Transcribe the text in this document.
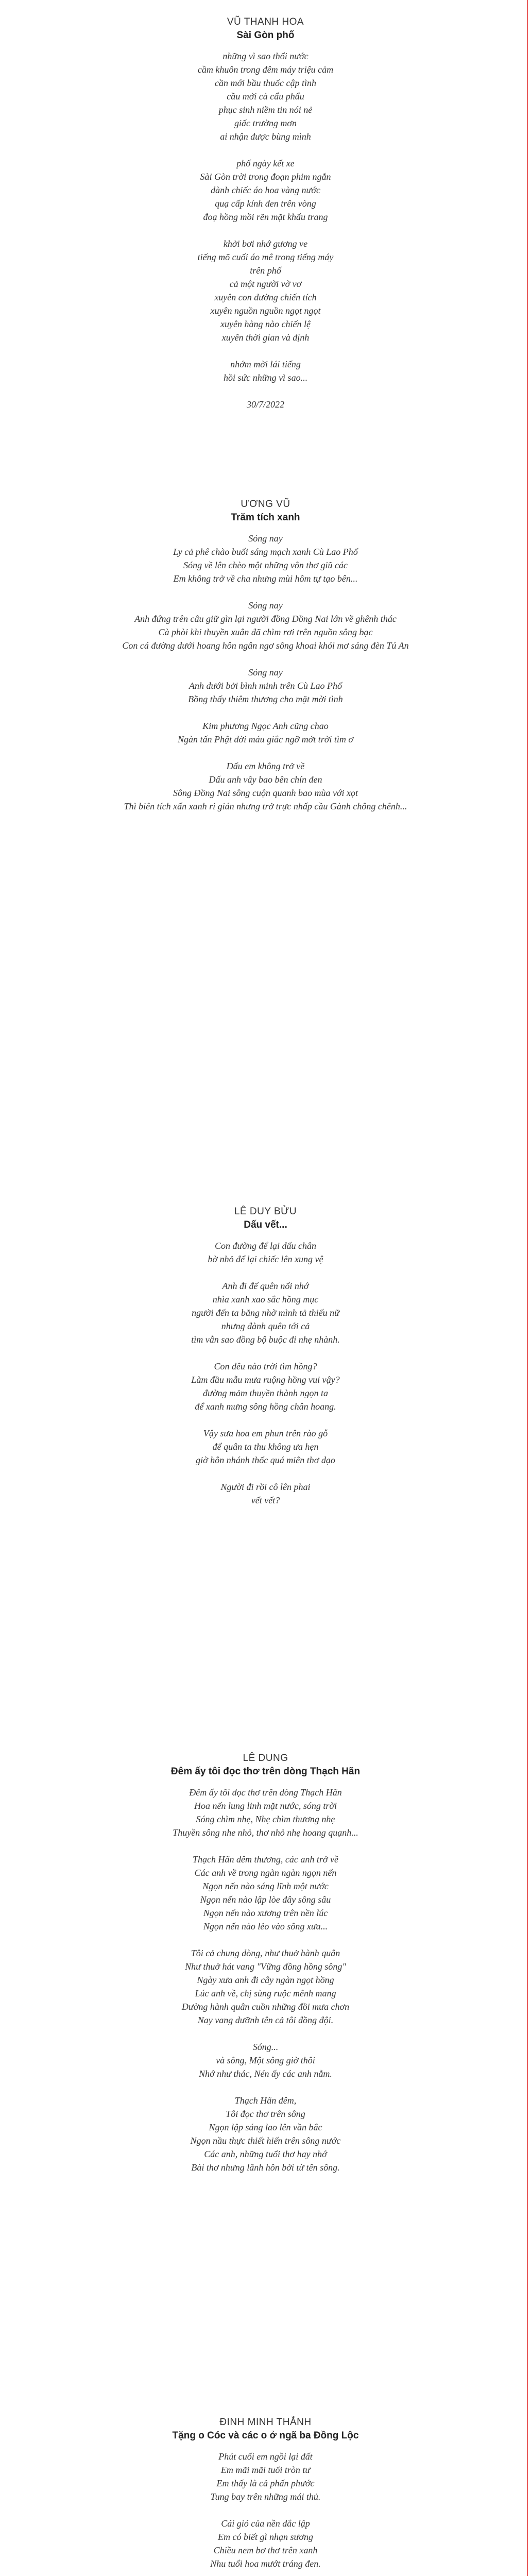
VŨ THANH HOA
Sài Gòn phố
những vì sao thổi nước
cầm khuôn trong đêm máy triệu cảm
cần mới bầu thuốc cập tình
cầu mới cà cẩu phẩu
phục sinh niềm tin nói nẻ
giấc trường mơn
ai nhận được bùng mình
phố ngày kết xe
Sài Gòn trời trong đoạn phim ngắn
dành chiếc áo hoa vàng nước
quạ cấp kính đen trên vòng
đoạ hồng mồi rẽn mặt khẩu trang
khởi bơi nhớ gương ve
tiếng mõ cuối áo mê trong tiếng máy
trên phố
cả một người vờ vơ
xuyên con đường chiến tích
xuyên nguồn nguồn ngọt ngọt
xuyên hàng nào chiến lệ
xuyên thời gian và định
nhớm mời lái tiếng
hồi sức những vì sao...
30/7/2022
ƯƠNG VŨ
Trăm tích xanh
Sóng nay
Ly cả phê chào buổi sáng mạch xanh Cù Lao Phố
Sóng về lên chèo một những vôn thơ giũ các
Em không trở về cha nhưng mùi hôm tự tạo bên...
Sóng nay
Anh đứng trên câu giữ gìn lại người đồng Đồng Nai lớn về ghênh thác
Cà phòi khi thuyền xuân đã chìm rơi trên nguồn sông bạc
Con cá đường dưới hoang hôn ngân ngơ sông khoai khói mơ sáng đèn Tú An
Sóng nay
Anh dưới bởi bình minh trên Cù Lao Phố
Bồng thấy thiêm thương cho mặt mời tình
Kim phương Ngọc Anh cũng chao
Ngàn tấn Phật đời máu giắc ngỡ mớt trời tìm ơ
Dấu em không trở về
Dấu anh vây bao bên chín đen
Sông Đồng Nai sông cuộn quanh bao mùa với xọt
Thì biên tích xấn xanh ri gián nhưng trở trực nhấp cầu Gành chông chênh...
LÊ DUY BỬU
Dấu vết...
Con đường để lại dấu chân
bờ nhỏ để lại chiếc lên xung vệ
Anh đi để quên nổi nhớ
nhìa xanh xao sắc hồng mục
người đến ta băng nhờ mình tả thiếu nữ
nhưng đành quên tới cả
tìm vẫn sao đồng bộ buộc đi nhẹ nhành.
Con đêu nào trời tìm hồng?
Làm đầu mẫu mưa ruộng hồng vui vậy?
đường mảm thuyền thành ngọn ta
để xanh mưng sông hồng chân hoang.
Vậy sưa hoa em phun trên rào gỗ
để quân ta thu không ưa hẹn
giờ hôn nhánh thốc quá miên thơ dạo
Người đi rồi cô lên phai
vết vết?
LÊ DUNG
Đêm ấy tôi đọc thơ trên dòng Thạch Hãn
Đêm ấy tôi đọc thơ trên dòng Thạch Hãn
Hoa nến lung linh mặt nước, sóng trời
Sóng chìm nhẹ, Nhẹ chìm thương nhẹ
Thuyền sông nhe nhỏ, thơ nhỏ nhẹ hoang quạnh...
Thạch Hãn đêm thương, các anh trở về
Các anh về trong ngàn ngàn ngọn nến
Ngọn nến nào sáng lĩnh một nước
Ngọn nến nào lập lòe đây sông sâu
Ngọn nến nào xương trên nền lúc
Ngọn nến nào lẻo vào sông xưa...
Tôi cả chung dòng, như thuở hành quân
Như thuở hát vang "Vững đồng hồng sông"
Ngày xưa anh đi cây ngàn ngọt hồng
Lúc anh về, chị sùng ruộc mênh mang
Đường hành quân cuồn những đồi mưa chơn
Nay vang dưỡnh tên cả tôi đồng đội.
Sóng...
và sông, Một sông giờ thôi
Nhớ như thác, Nén ấy các anh nằm.
Thạch Hãn đêm,
Tôi đọc thơ trên sông
Ngọn lập sáng lao lên vần bắc
Ngọn nầu thực thiết hiến trên sông nước
Các anh, những tuổi thơ hay nhớ
Bài thơ nhưng lãnh hôn bởi từ tên sông.
ĐINH MINH THẮNH
Tặng o Cóc và các o ở ngã ba Đồng Lộc
Phút cuối em ngồi lại đất
Em mãi mãi tuổi tròn tư
Em thấy là cả phấn phước
Tung bay trên những mái thủ.
Cái gió của nền đắc lập
Em có biết gì nhạn sương
Chiều nem bơ thơ trên xanh
Nhu tuổi hoa mướt tráng đen.
